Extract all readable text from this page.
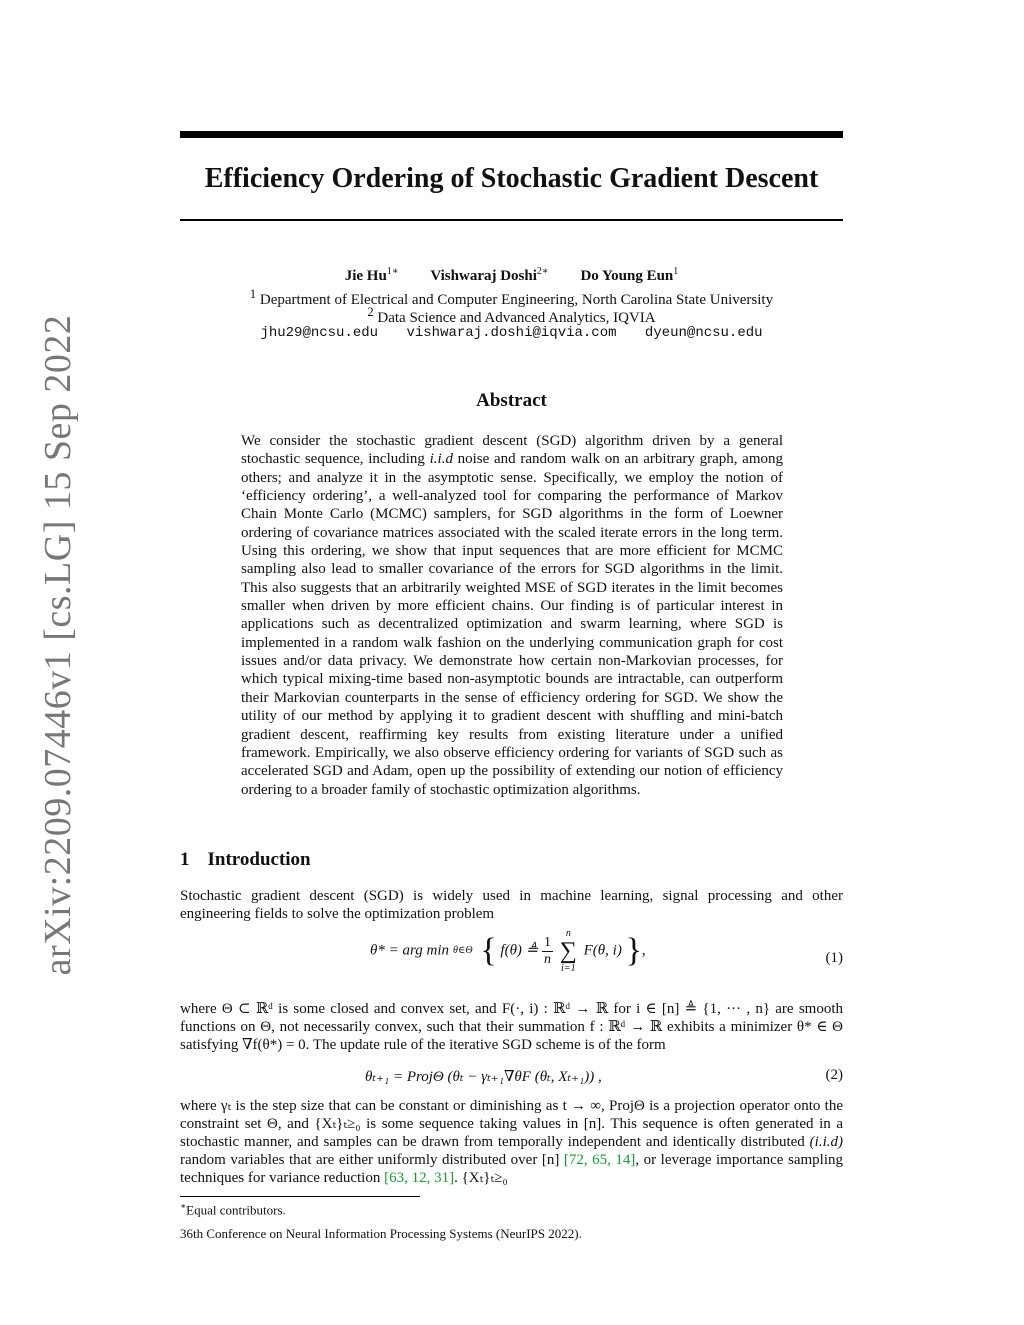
arXiv:2209.07446v1 [cs.LG] 15 Sep 2022
Efficiency Ordering of Stochastic Gradient Descent
Jie $Hu^{1∗}$ Vishwaraj Doshi$^{2∗}$ Do Young Eun$^1$
$^1$ Department of Electrical and Computer Engineering, North Carolina State University
$^2$ Data Science and Advanced Analytics, IQVIA
jhu29@ncsu.edu vishwaraj.doshi@iqvia.com dyeun@ncsu.edu
Abstract
We consider the stochastic gradient descent (SGD) algorithm driven by a general stochastic sequence, including i.i.d noise and random walk on an arbitrary graph, among others; and analyze it in the asymptotic sense. Specifically, we employ the notion of ‘efficiency ordering’, a well-analyzed tool for comparing the performance of Markov Chain Monte Carlo (MCMC) samplers, for SGD algorithms in the form of Loewner ordering of covariance matrices associated with the scaled iterate errors in the long term. Using this ordering, we show that input sequences that are more efficient for MCMC sampling also lead to smaller covariance of the errors for SGD algorithms in the limit. This also suggests that an arbitrarily weighted MSE of SGD iterates in the limit becomes smaller when driven by more efficient chains. Our finding is of particular interest in applications such as decentralized optimization and swarm learning, where SGD is implemented in a random walk fashion on the underlying communication graph for cost issues and/or data privacy. We demonstrate how certain non-Markovian processes, for which typical mixing-time based non-asymptotic bounds are intractable, can outperform their Markovian counterparts in the sense of efficiency ordering for SGD. We show the utility of our method by applying it to gradient descent with shuffling and mini-batch gradient descent, reaffirming key results from existing literature under a unified framework. Empirically, we also observe efficiency ordering for variants of SGD such as accelerated SGD and Adam, open up the possibility of extending our notion of efficiency ordering to a broader family of stochastic optimization algorithms.
1 Introduction
Stochastic gradient descent (SGD) is widely used in machine learning, signal processing and other engineering fields to solve the optimization problem
θ* = arg min θ∈Θ { f(θ) ≜ $\frac{1}{n}$ n
∑
i=1 F(θ, i) },	(1)
where Θ ⊂ ℝᵈ is some closed and convex set, and F(·, i) : ℝᵈ → ℝ for i ∈ [n] ≜ {1, ··· , n} are smooth functions on Θ, not necessarily convex, such that their summation f : ℝᵈ → ℝ exhibits a minimizer θ* ∈ Θ satisfying ∇f(θ*) = 0. The update rule of the iterative SGD scheme is of the form
θₜ₊₁ = ProjΘ (θₜ − γₜ₊₁∇θF (θₜ, Xₜ₊₁)) ,	(2)
where γₜ is the step size that can be constant or diminishing as t → ∞, ProjΘ is a projection operator onto the constraint set Θ, and {Xₜ}ₜ≥₀ is some sequence taking values in [n]. This sequence is often generated in a stochastic manner, and samples can be drawn from temporally independent and identically distributed (i.i.d) random variables that are either uniformly distributed over [n] [72, 65, 14], or leverage importance sampling techniques for variance reduction [63, 12, 31]. {Xₜ}ₜ≥₀
∗Equal contributors.
36th Conference on Neural Information Processing Systems (NeurIPS 2022).
